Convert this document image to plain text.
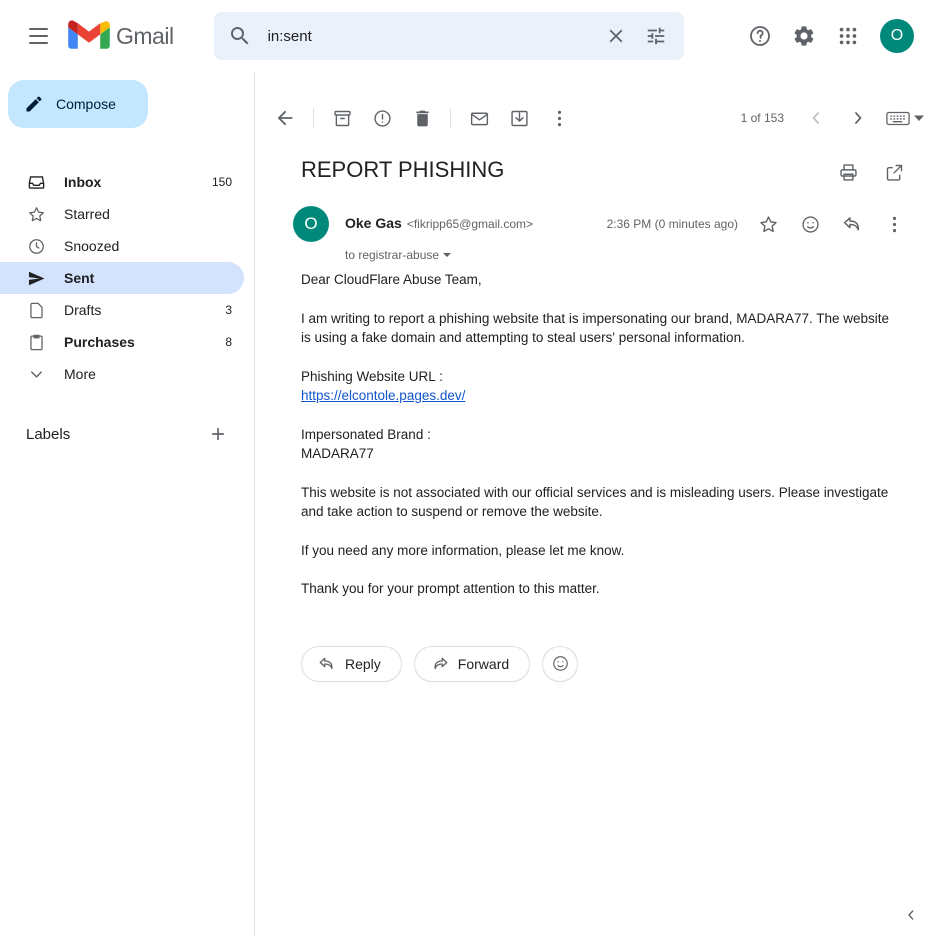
Gmail
in:sent	O
Compose
Inbox	150
Starred
Snoozed
Sent
Drafts	3
Purchases	8
More
Labels
1 of 153
REPORT PHISHING
O	Oke Gas <fikripp65@gmail.com>	2:36 PM (0 minutes ago)
to registrar-abuse

Dear CloudFlare Abuse Team,

I am writing to report a phishing website that is impersonating our brand, MADARA77. The website is using a fake domain and attempting to steal users' personal information.

Phishing Website URL :
https://elcontole.pages.dev/

Impersonated Brand :
MADARA77

This website is not associated with our official services and is misleading users. Please investigate and take action to suspend or remove the website.

If you need any more information, please let me know.

Thank you for your prompt attention to this matter.

Reply	Forward
